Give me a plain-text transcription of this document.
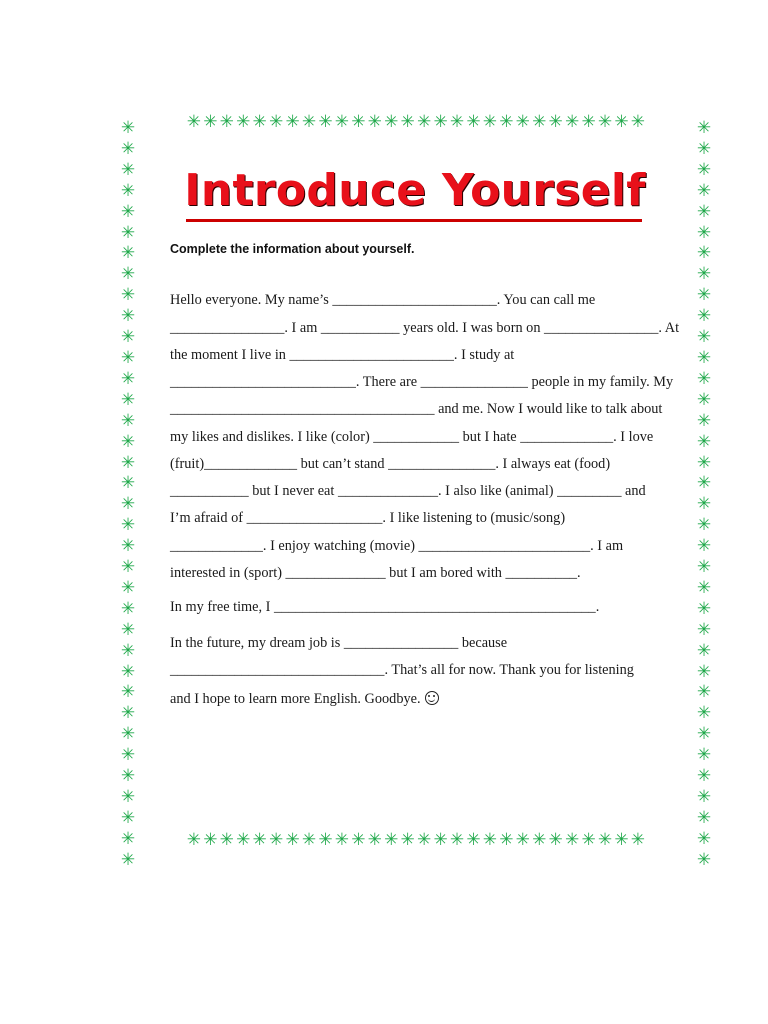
✳✳✳✳✳✳✳✳✳✳✳✳✳✳✳✳✳✳✳✳✳✳✳✳✳✳✳✳
✳✳✳✳✳✳✳✳✳✳✳✳✳✳✳✳✳✳✳✳✳✳✳✳✳✳✳✳
✳✳✳✳✳✳✳✳✳✳✳✳✳✳✳✳✳✳✳✳✳✳✳✳✳✳✳✳✳✳✳✳✳✳✳✳
✳✳✳✳✳✳✳✳✳✳✳✳✳✳✳✳✳✳✳✳✳✳✳✳✳✳✳✳✳✳✳✳✳✳✳✳
Introduce Yourself
Complete the information about yourself.
Hello everyone. My name’s _______________________. You can call me
________________. I am ___________ years old. I was born on ________________. At
the moment I live in _______________________. I study at
__________________________. There are _______________ people in my family. My
_____________________________________ and me. Now I would like to talk about
my likes and dislikes. I like (color) ____________ but I hate _____________. I love
(fruit)_____________ but can’t stand _______________. I always eat (food)
___________ but I never eat ______________. I also like (animal) _________ and
I’m afraid of ___________________. I like listening to (music/song)
_____________. I enjoy watching (movie) ________________________. I am
interested in (sport) ______________ but I am bored with __________.
In my free time, I _____________________________________________.
In the future, my dream job is ________________ because
______________________________. That’s all for now. Thank you for listening
and I hope to learn more English. Goodbye.
